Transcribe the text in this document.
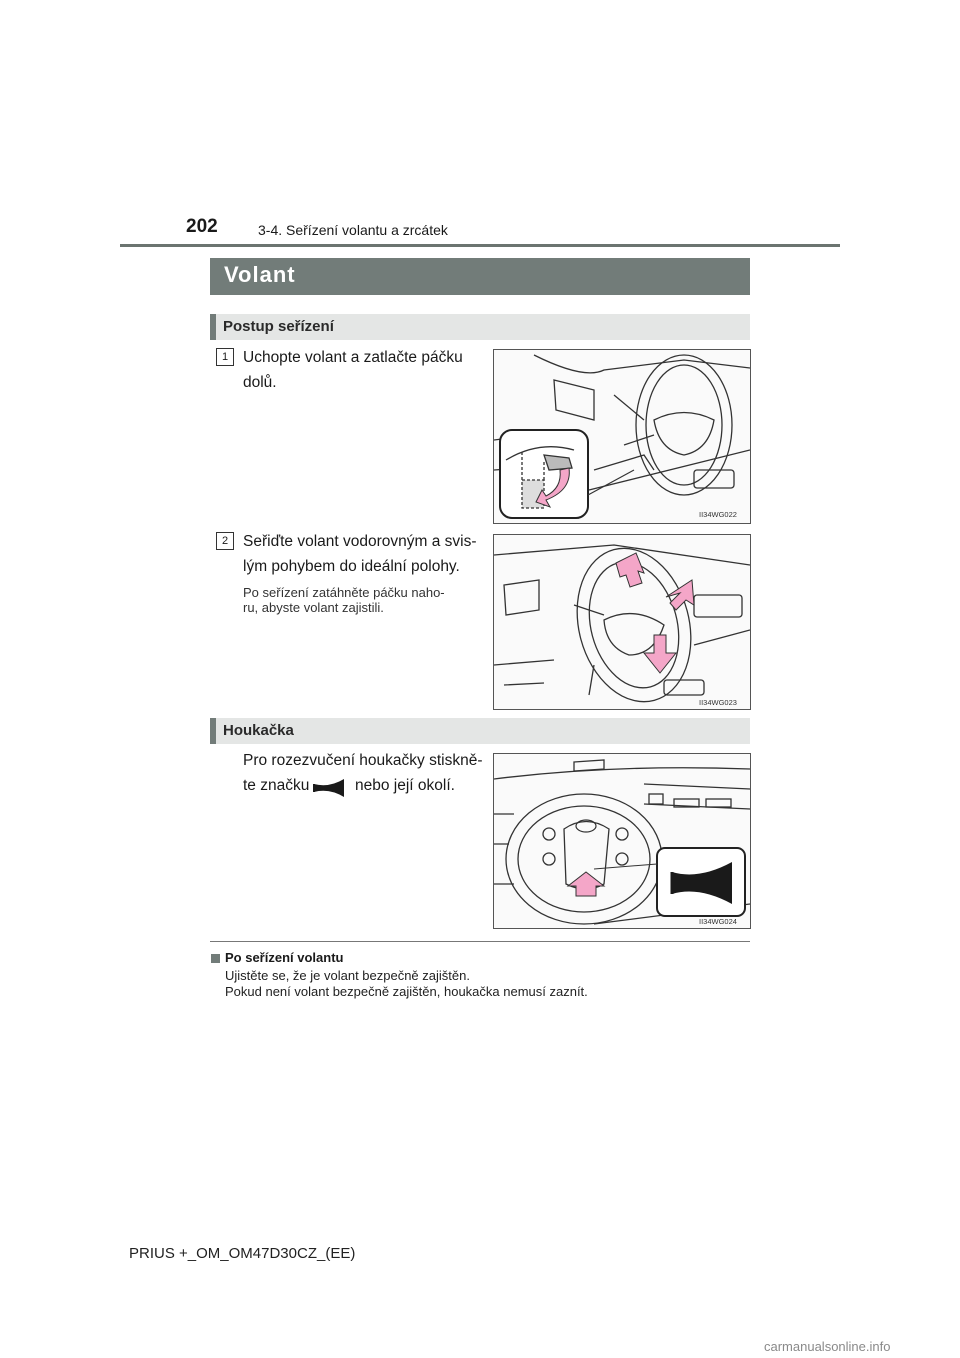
202	3-4. Seřízení volantu a zrcátek
Volant
Postup seřízení
1 Uchopte volant a zatlačte páčku
dolů.
II34WG022
2 Seřiďte volant vodorovným a svis-
lým pohybem do ideální polohy.
Po seřízení zatáhněte páčku naho-
ru, abyste volant zajistili.
II34WG023
Houkačka
Pro rozezvučení houkačky stiskně-
te značku	nebo její okolí.
II34WG024
Po seřízení volantu
Ujistěte se, že je volant bezpečně zajištěn.
Pokud není volant bezpečně zajištěn, houkačka nemusí zaznít.
PRIUS +_OM_OM47D30CZ_(EE)
carmanualsonline.info
